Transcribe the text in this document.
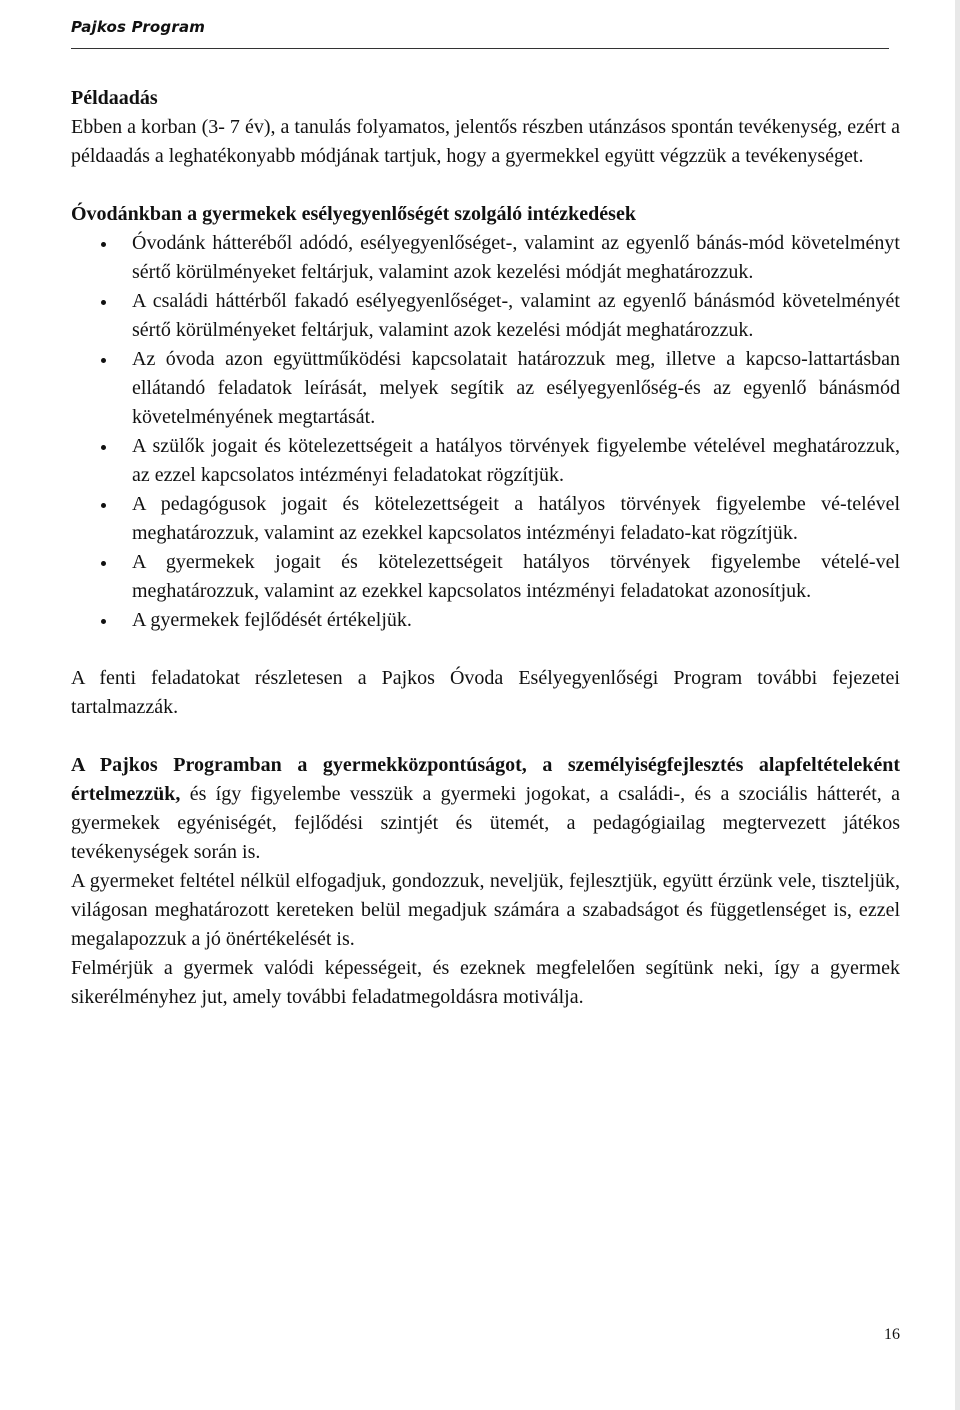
Pajkos Program

Példaadás

Ebben a korban (3- 7 év), a tanulás folyamatos, jelentős részben utánzásos spontán tevékenység, ezért a példaadás a leghatékonyabb módjának tartjuk, hogy a gyermekkel együtt végzzük a tevékenységet.

Óvodánkban a gyermekek esélyegyenlőségét szolgáló intézkedések

Óvodánk hátteréből adódó, esélyegyenlőséget-, valamint az egyenlő bánás-mód követelményt sértő körülményeket feltárjuk, valamint azok kezelési módját meghatározzuk.
A családi háttérből fakadó esélyegyenlőséget-, valamint az egyenlő bánásmód követelményét sértő körülményeket feltárjuk, valamint azok kezelési módját meghatározzuk.
Az óvoda azon együttműködési kapcsolatait határozzuk meg, illetve a kapcso-lattartásban ellátandó feladatok leírását, melyek segítik az esélyegyenlőség-és az egyenlő bánásmód követelményének megtartását.
A szülők jogait és kötelezettségeit a hatályos törvények figyelembe vételével meghatározzuk, az ezzel kapcsolatos intézményi feladatokat rögzítjük.
A pedagógusok jogait és kötelezettségeit a hatályos törvények figyelembe vé-telével meghatározzuk, valamint az ezekkel kapcsolatos intézményi feladato-kat rögzítjük.
A gyermekek jogait és kötelezettségeit hatályos törvények figyelembe vételé-vel meghatározzuk, valamint az ezekkel kapcsolatos intézményi feladatokat azonosítjuk.
A gyermekek fejlődését értékeljük.

A fenti feladatokat részletesen a Pajkos Óvoda Esélyegyenlőségi Program további fejezetei tartalmazzák.

A Pajkos Programban a gyermekközpontúságot, a személyiségfejlesztés alapfeltételeként értelmezzük, és így figyelembe vesszük a gyermeki jogokat, a családi-, és a szociális hátterét, a gyermekek egyéniségét, fejlődési szintjét és ütemét, a pedagógiailag megtervezett játékos tevékenységek során is.

A gyermeket feltétel nélkül elfogadjuk, gondozzuk, neveljük, fejlesztjük, együtt érzünk vele, tiszteljük, világosan meghatározott kereteken belül megadjuk számára a szabadságot és függetlenséget is, ezzel megalapozzuk a jó önértékelését is.

Felmérjük a gyermek valódi képességeit, és ezeknek megfelelően segítünk neki, így a gyermek sikerélményhez jut, amely további feladatmegoldásra motiválja.

16
